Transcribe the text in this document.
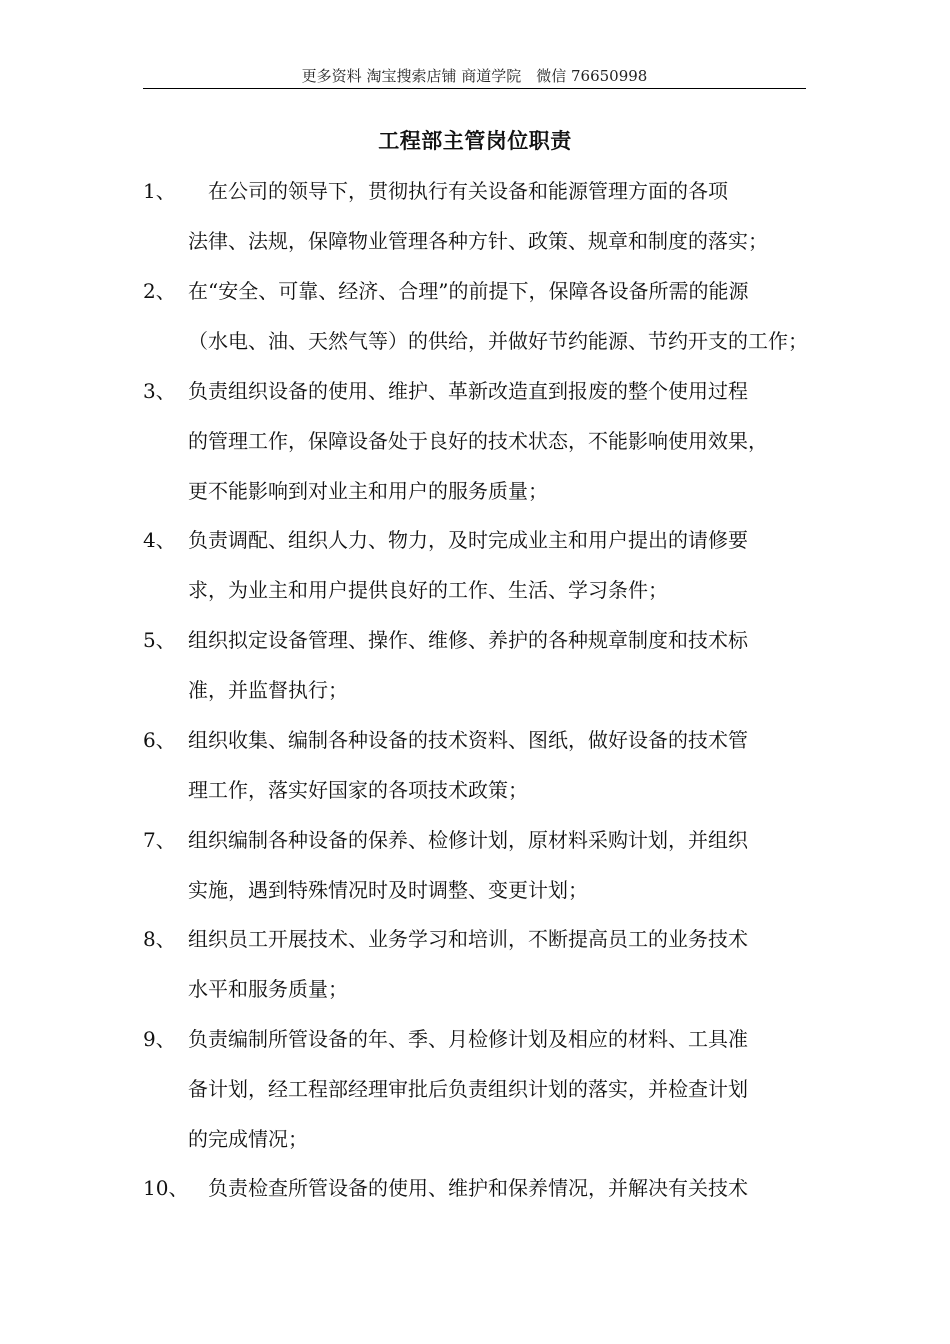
更多资料 淘宝搜索店铺 商道学院　微信 76650998
工程部主管岗位职责
1、 　在公司的领导下，贯彻执行有关设备和能源管理方面的各项
法律、法规，保障物业管理各种方针、政策、规章和制度的落实；
2、 在“安全、可靠、经济、合理”的前提下，保障各设备所需的能源
（水电、油、天然气等）的供给，并做好节约能源、节约开支的工作；
3、 负责组织设备的使用、维护、革新改造直到报废的整个使用过程
的管理工作，保障设备处于良好的技术状态，不能影响使用效果，
更不能影响到对业主和用户的服务质量；
4、 负责调配、组织人力、物力，及时完成业主和用户提出的请修要
求，为业主和用户提供良好的工作、生活、学习条件；
5、 组织拟定设备管理、操作、维修、养护的各种规章制度和技术标
准，并监督执行；
6、 组织收集、编制各种设备的技术资料、图纸，做好设备的技术管
理工作，落实好国家的各项技术政策；
7、 组织编制各种设备的保养、检修计划，原材料采购计划，并组织
实施，遇到特殊情况时及时调整、变更计划；
8、 组织员工开展技术、业务学习和培训，不断提高员工的业务技术
水平和服务质量；
9、 负责编制所管设备的年、季、月检修计划及相应的材料、工具准
备计划，经工程部经理审批后负责组织计划的落实，并检查计划
的完成情况；
10、 　负责检查所管设备的使用、维护和保养情况，并解决有关技术
